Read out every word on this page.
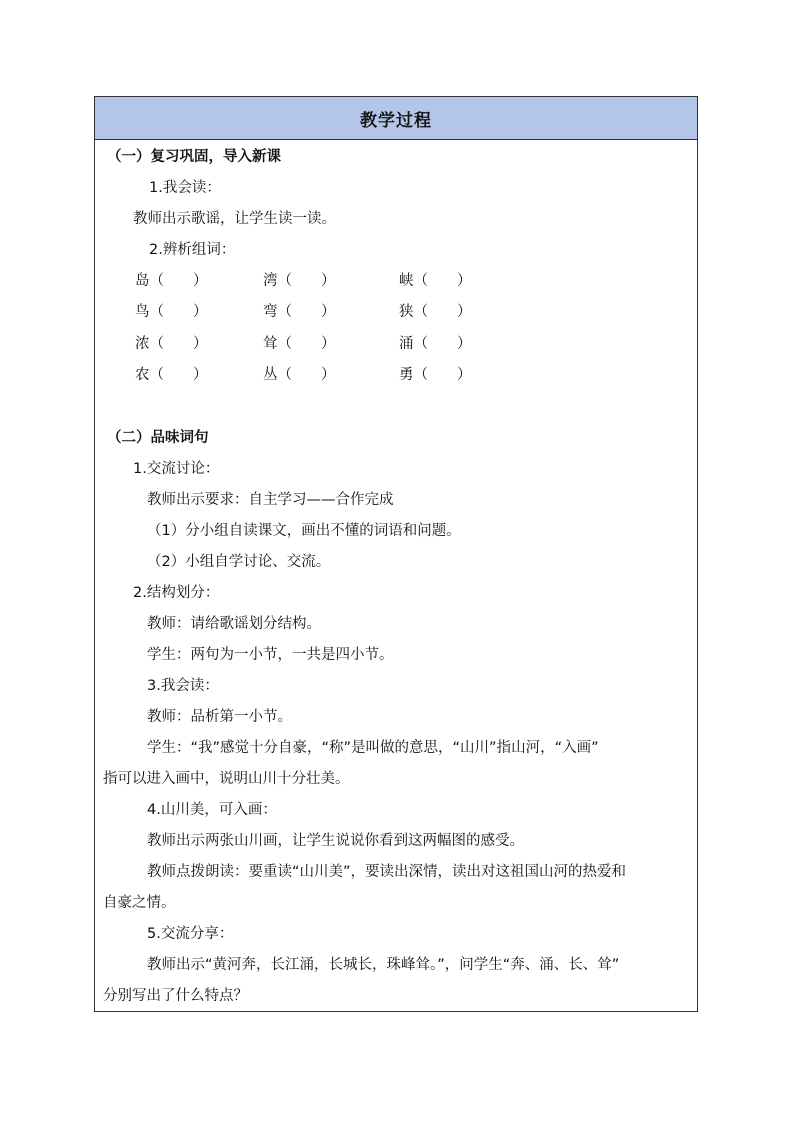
教学过程
（一）复习巩固，导入新课
1.我会读：
教师出示歌谣，让学生读一读。
2.辨析组词：
岛（　　）	湾（　　）	峡（　　）
鸟（　　）	弯（　　）	狭（　　）
浓（　　）	耸（　　）	涌（　　）
农（　　）	丛（　　）	勇（　　）
（二）品味词句
1.交流讨论：
教师出示要求：自主学习——合作完成
（1）分小组自读课文，画出不懂的词语和问题。
（2）小组自学讨论、交流。
2.结构划分：
教师：请给歌谣划分结构。
学生：两句为一小节，一共是四小节。
3.我会读：
教师：品析第一小节。
学生：“我”感觉十分自豪，“称”是叫做的意思，“山川”指山河，“入画”
指可以进入画中，说明山川十分壮美。
4.山川美，可入画：
教师出示两张山川画，让学生说说你看到这两幅图的感受。
教师点拨朗读：要重读“山川美”，要读出深情，读出对这祖国山河的热爱和
自豪之情。
5.交流分享：
教师出示“黄河奔，长江涌，长城长，珠峰耸。”，问学生“奔、涌、长、耸”
分别写出了什么特点？
